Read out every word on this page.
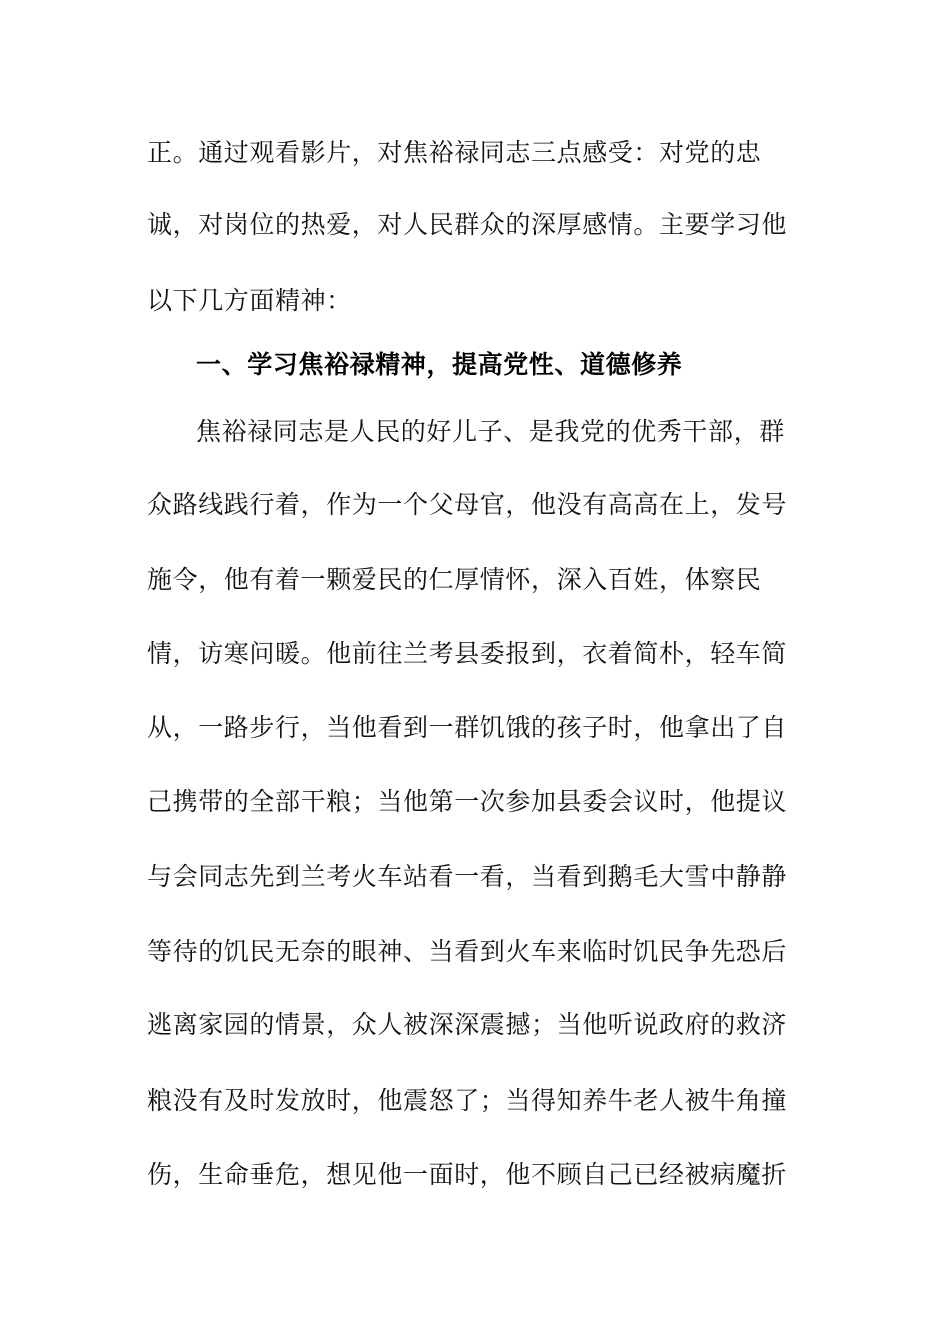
正。通过观看影片，对焦裕禄同志三点感受：对党的忠
诚，对岗位的热爱，对人民群众的深厚感情。主要学习他
以下几方面精神：
一、学习焦裕禄精神，提高党性、道德修养
焦裕禄同志是人民的好儿子、是我党的优秀干部，群
众路线践行着，作为一个父母官，他没有高高在上，发号
施令，他有着一颗爱民的仁厚情怀，深入百姓，体察民
情，访寒问暖。他前往兰考县委报到，衣着简朴，轻车简
从，一路步行，当他看到一群饥饿的孩子时，他拿出了自
己携带的全部干粮；当他第一次参加县委会议时，他提议
与会同志先到兰考火车站看一看，当看到鹅毛大雪中静静
等待的饥民无奈的眼神、当看到火车来临时饥民争先恐后
逃离家园的情景，众人被深深震撼；当他听说政府的救济
粮没有及时发放时，他震怒了；当得知养牛老人被牛角撞
伤，生命垂危，想见他一面时，他不顾自己已经被病魔折
